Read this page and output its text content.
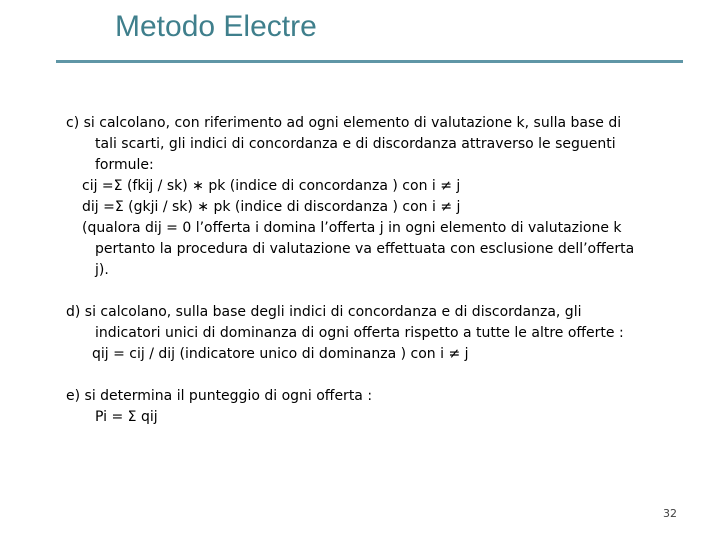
Metodo Electre
c) si calcolano, con riferimento ad ogni elemento di valutazione k, sulla base di
tali scarti, gli indici di concordanza e di discordanza attraverso le seguenti
formule:
cij =Σ (fkij / sk) ∗ pk (indice di concordanza ) con i ≠ j
dij =Σ (gkji / sk) ∗ pk (indice di discordanza ) con i ≠ j
(qualora dij = 0 l’offerta i domina l’offerta j in ogni elemento di valutazione k
pertanto la procedura di valutazione va effettuata con esclusione dell’offerta
j).
d) si calcolano, sulla base degli indici di concordanza e di discordanza, gli
indicatori unici di dominanza di ogni offerta rispetto a tutte le altre offerte :
qij = cij / dij (indicatore unico di dominanza ) con i ≠ j
e) si determina il punteggio di ogni offerta :
Pi = Σ qij
32
